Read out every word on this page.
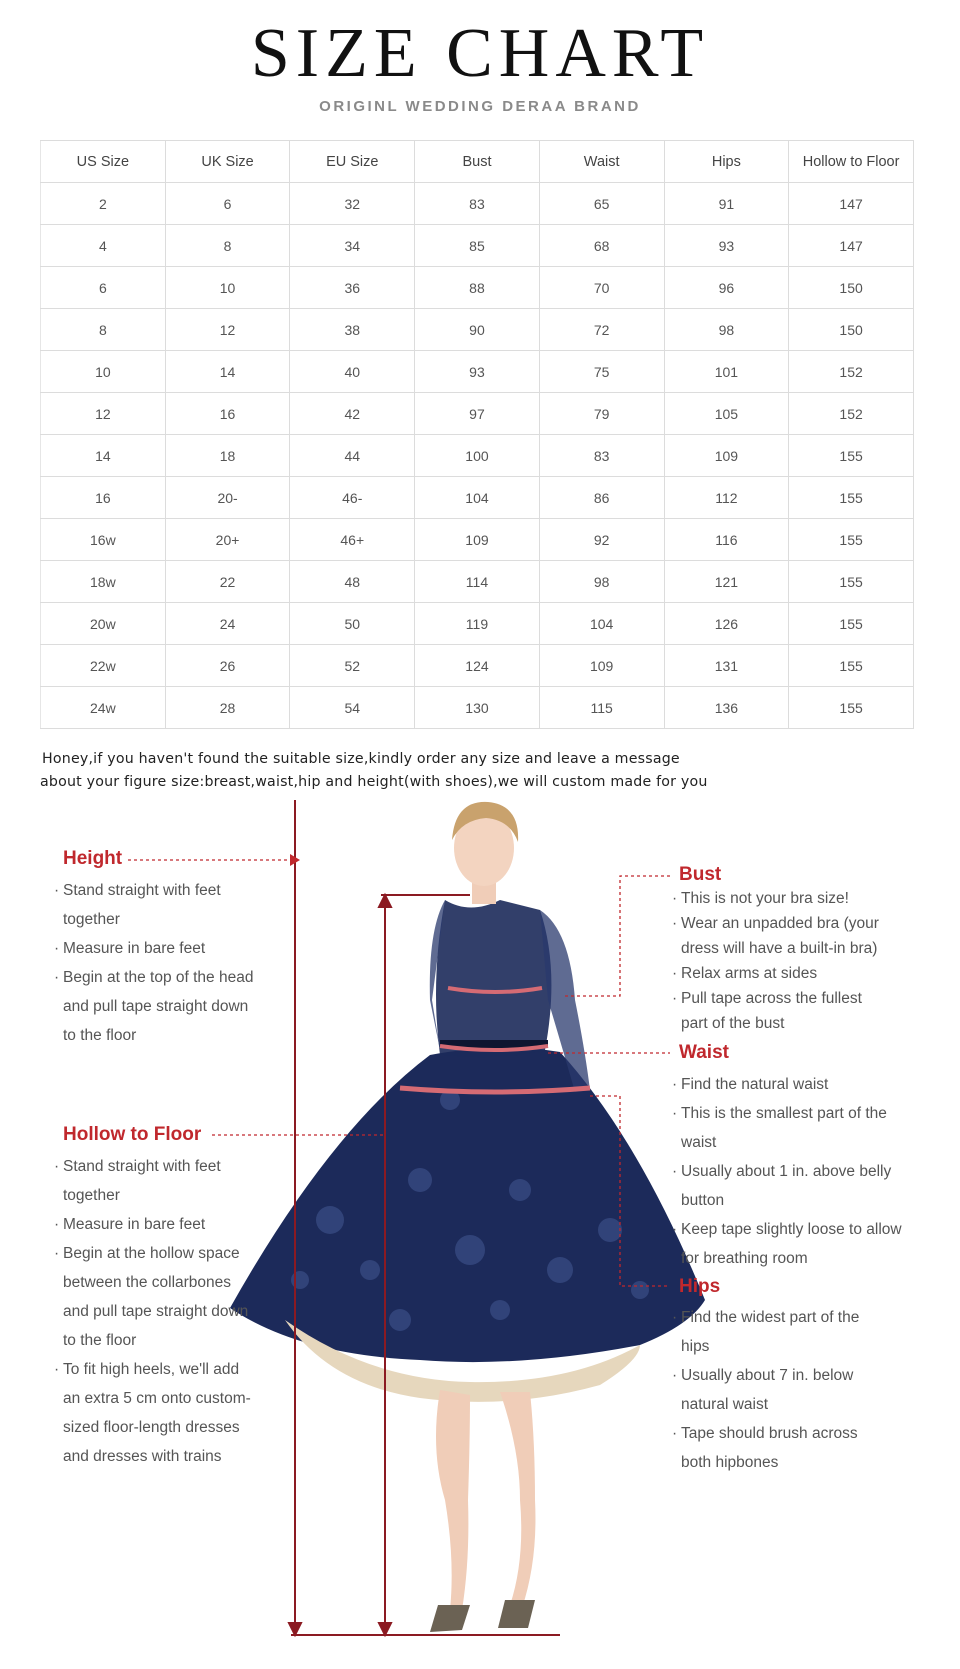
SIZE CHART
ORIGINL WEDDING DERAA BRAND
US Size	UK Size	EU Size	Bust	Waist	Hips	Hollow to Floor
2	6	32	83	65	91	147
4	8	34	85	68	93	147
6	10	36	88	70	96	150
8	12	38	90	72	98	150
10	14	40	93	75	101	152
12	16	42	97	79	105	152
14	18	44	100	83	109	155
16	20-	46-	104	86	112	155
16w	20+	46+	109	92	116	155
18w	22	48	114	98	121	155
20w	24	50	119	104	126	155
22w	26	52	124	109	131	155
24w	28	54	130	115	136	155
Honey,if you haven't found the suitable size,kindly order any size and leave a message
about your figure size:breast,waist,hip and height(with shoes),we will custom made for you
Height
· Stand straight with feet
together
· Measure in bare feet
· Begin at the top of the head
and pull tape straight down
to the floor
Hollow to Floor
· Stand straight with feet
together
· Measure in bare feet
· Begin at the hollow space
between the collarbones
and pull tape straight down
to the floor
· To fit high heels, we'll add
an extra 5 cm onto custom-
sized floor-length dresses
and dresses with trains
Bust
· This is not your bra size!
· Wear an unpadded bra (your
dress will have a built-in bra)
· Relax arms at sides
· Pull tape across the fullest
part of the bust
Waist
· Find the natural waist
· This is the smallest part of the
waist
· Usually about 1 in. above belly
button
· Keep tape slightly loose to allow
for breathing room
Hips
· Find the widest part of the
hips
· Usually about 7 in. below
natural waist
· Tape should brush across
both hipbones
